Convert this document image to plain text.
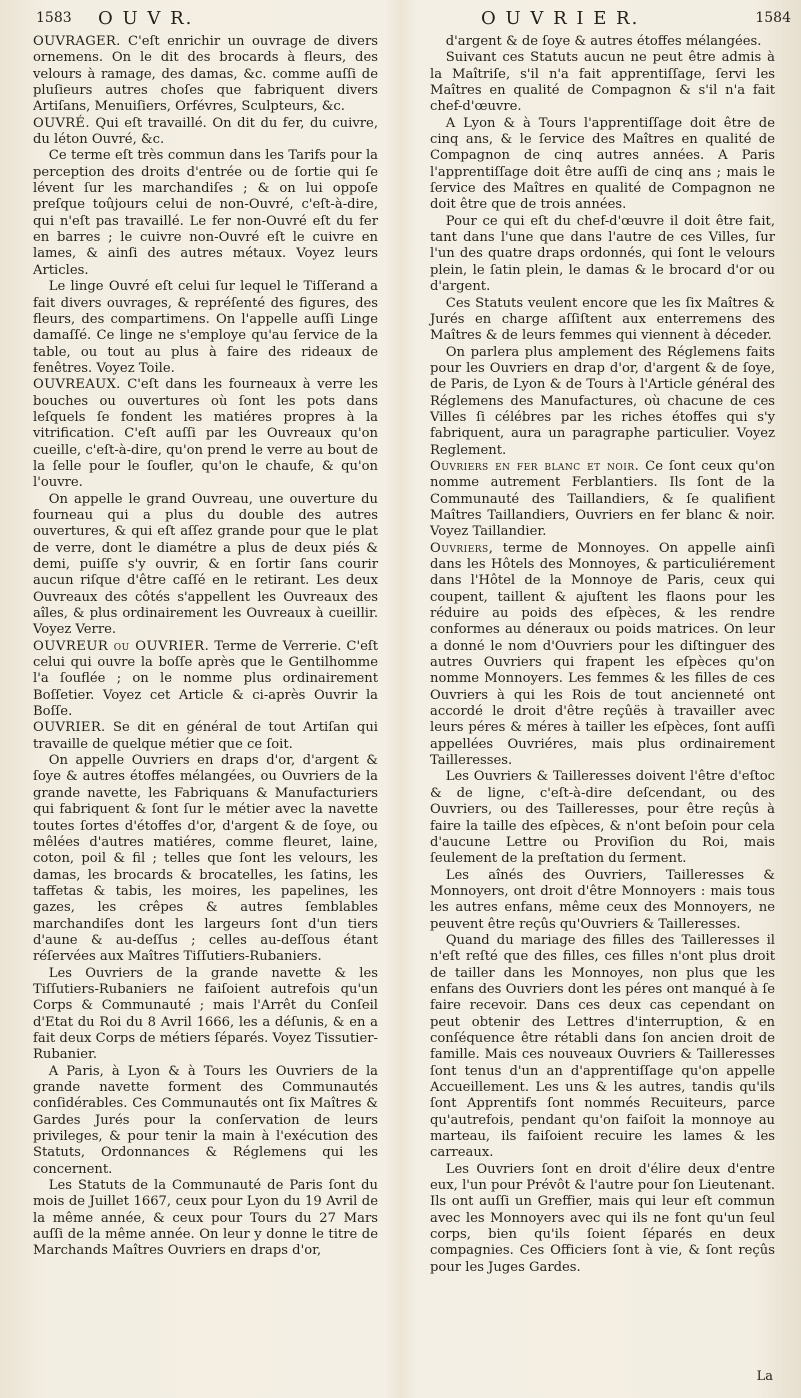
1583 O U V R.	O U V R I E R.	1584

OUVRAGER. C'eſt enrichir un ouvrage de divers ornemens. On le dit des brocards à fleurs, des velours à ramage, des damas, &c. comme auſſi de pluſieurs autres choſes que fabriquent divers Artiſans, Menuiſiers, Orfévres, Sculpteurs, &c.

OUVRÉ. Qui eſt travaillé. On dit du fer, du cuivre, du léton Ouvré, &c.

Ce terme eſt très commun dans les Tarifs pour la perception des droits d'entrée ou de ſortie qui ſe lévent ſur les marchandiſes ; & on lui oppoſe preſque toûjours celui de non-Ouvré, c'eſt-à-dire, qui n'eſt pas travaillé. Le fer non-Ouvré eſt du fer en barres ; le cuivre non-Ouvré eſt le cuivre en lames, & ainſi des autres métaux. Voyez leurs Articles.

Le linge Ouvré eſt celui ſur lequel le Tiſſerand a fait divers ouvrages, & repréſenté des figures, des fleurs, des compartimens. On l'appelle auſſi Linge damaſſé. Ce linge ne s'employe qu'au ſervice de la table, ou tout au plus à faire des rideaux de fenêtres. Voyez Toile.

OUVREAUX. C'eſt dans les fourneaux à verre les bouches ou ouvertures où ſont les pots dans leſquels ſe fondent les matiéres propres à la vitrification. C'eſt auſſi par les Ouvreaux qu'on cueille, c'eſt-à-dire, qu'on prend le verre au bout de la ſelle pour le ſoufler, qu'on le chaufe, & qu'on l'ouvre.

On appelle le grand Ouvreau, une ouverture du fourneau qui a plus du double des autres ouvertures, & qui eſt aſſez grande pour que le plat de verre, dont le diamétre a plus de deux piés & demi, puiſſe s'y ouvrir, & en ſortir ſans courir aucun riſque d'être caſſé en le retirant. Les deux Ouvreaux des côtés s'appellent les Ouvreaux des aîles, & plus ordinairement les Ouvreaux à cueillir. Voyez Verre.

OUVREUR ou OUVRIER. Terme de Verrerie. C'eſt celui qui ouvre la boſſe après que le Gentilhomme l'a ſouflée ; on le nomme plus ordinairement Boſſetier. Voyez cet Article & ci-après Ouvrir la Boſſe.

OUVRIER. Se dit en général de tout Artiſan qui travaille de quelque métier que ce ſoit.

On appelle Ouvriers en draps d'or, d'argent & ſoye & autres étoffes mélangées, ou Ouvriers de la grande navette, les Fabriquans & Manufacturiers qui fabriquent & ſont ſur le métier avec la navette toutes ſortes d'étoffes d'or, d'argent & de ſoye, ou mêlées d'autres matiéres, comme fleuret, laine, coton, poil & fil ; telles que ſont les velours, les damas, les brocards & brocatelles, les ſatins, les taffetas & tabis, les moires, les papelines, les gazes, les crêpes & autres ſemblables marchandiſes dont les largeurs ſont d'un tiers d'aune & au-deſſus ; celles au-deſſous étant réſervées aux Maîtres Tiſſutiers-Rubaniers.

Les Ouvriers de la grande navette & les Tiſſutiers-Rubaniers ne faiſoient autrefois qu'un Corps & Communauté ; mais l'Arrêt du Conſeil d'Etat du Roi du 8 Avril 1666, les a déſunis, & en a fait deux Corps de métiers ſéparés. Voyez Tissutier-Rubanier.

A Paris, à Lyon & à Tours les Ouvriers de la grande navette forment des Communautés conſidérables. Ces Communautés ont ſix Maîtres & Gardes Jurés pour la conſervation de leurs privileges, & pour tenir la main à l'exécution des Statuts, Ordonnances & Réglemens qui les concernent.

Les Statuts de la Communauté de Paris ſont du mois de Juillet 1667, ceux pour Lyon du 19 Avril de la même année, & ceux pour Tours du 27 Mars auſſi de la même année. On leur y donne le titre de Marchands Maîtres Ouvriers en draps d'or,

d'argent & de ſoye & autres étoffes mélangées.

Suivant ces Statuts aucun ne peut être admis à la Maîtriſe, s'il n'a fait apprentiſſage, ſervi les Maîtres en qualité de Compagnon & s'il n'a fait chef-d'œuvre.

A Lyon & à Tours l'apprentiſſage doit être de cinq ans, & le ſervice des Maîtres en qualité de Compagnon de cinq autres années. A Paris l'apprentiſſage doit être auſſi de cinq ans ; mais le ſervice des Maîtres en qualité de Compagnon ne doit être que de trois années.

Pour ce qui eſt du chef-d'œuvre il doit être fait, tant dans l'une que dans l'autre de ces Villes, ſur l'un des quatre draps ordonnés, qui ſont le velours plein, le ſatin plein, le damas & le brocard d'or ou d'argent.

Ces Statuts veulent encore que les ſix Maîtres & Jurés en charge aſſiſtent aux enterremens des Maîtres & de leurs femmes qui viennent à déceder.

On parlera plus amplement des Réglemens faits pour les Ouvriers en drap d'or, d'argent & de ſoye, de Paris, de Lyon & de Tours à l'Article général des Réglemens des Manufactures, où chacune de ces Villes ſi célébres par les riches étoffes qui s'y fabriquent, aura un paragraphe particulier. Voyez Reglement.

Ouvriers en fer blanc et noir. Ce ſont ceux qu'on nomme autrement Ferblantiers. Ils ſont de la Communauté des Taillandiers, & ſe qualifient Maîtres Taillandiers, Ouvriers en fer blanc & noir. Voyez Taillandier.

Ouvriers, terme de Monnoyes. On appelle ainſi dans les Hôtels des Monnoyes, & particuliérement dans l'Hôtel de la Monnoye de Paris, ceux qui coupent, taillent & ajuſtent les flaons pour les réduire au poids des eſpèces, & les rendre conformes au déneraux ou poids matrices. On leur a donné le nom d'Ouvriers pour les diſtinguer des autres Ouvriers qui frapent les eſpèces qu'on nomme Monnoyers. Les femmes & les filles de ces Ouvriers à qui les Rois de tout ancienneté ont accordé le droit d'être reçûës à travailler avec leurs péres & méres à tailler les eſpèces, ſont auſſi appellées Ouvriéres, mais plus ordinairement Tailleresses.

Les Ouvriers & Tailleresses doivent l'être d'eſtoc & de ligne, c'eſt-à-dire deſcendant, ou des Ouvriers, ou des Tailleresses, pour être reçûs à faire la taille des eſpèces, & n'ont beſoin pour cela d'aucune Lettre ou Proviſion du Roi, mais ſeulement de la preſtation du ſerment.

Les aînés des Ouvriers, Tailleresses & Monnoyers, ont droit d'être Monnoyers : mais tous les autres enfans, même ceux des Monnoyers, ne peuvent être reçûs qu'Ouvriers & Tailleresses.

Quand du mariage des filles des Tailleresses il n'eſt reſté que des filles, ces filles n'ont plus droit de tailler dans les Monnoyes, non plus que les enfans des Ouvriers dont les péres ont manqué à ſe faire recevoir. Dans ces deux cas cependant on peut obtenir des Lettres d'interruption, & en conſéquence être rétabli dans ſon ancien droit de famille. Mais ces nouveaux Ouvriers & Tailleresses ſont tenus d'un an d'apprentiſſage qu'on appelle Accueillement. Les uns & les autres, tandis qu'ils ſont Apprentifs ſont nommés Recuiteurs, parce qu'autrefois, pendant qu'on faiſoit la monnoye au marteau, ils faiſoient recuire les lames & les carreaux.

Les Ouvriers ſont en droit d'élire deux d'entre eux, l'un pour Prévôt & l'autre pour ſon Lieutenant. Ils ont auſſi un Greffier, mais qui leur eſt commun avec les Monnoyers avec qui ils ne font qu'un ſeul corps, bien qu'ils ſoient ſéparés en deux compagnies. Ces Officiers ſont à vie, & ſont reçûs pour les Juges Gardes.

La
